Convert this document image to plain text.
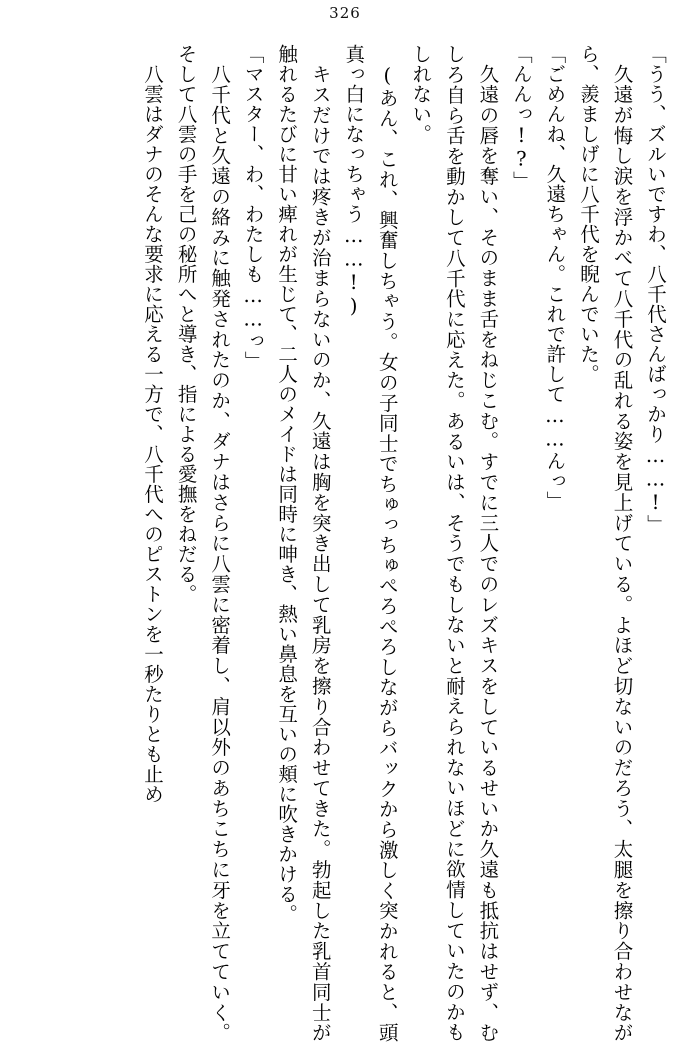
326

「うう、ズルいですわ、八千代さんばっかり……!」

久遠が悔し涙を浮かべて八千代の乱れる姿を見上げている。よほど切ないのだろう、太腿を擦り合わせながら、羨ましげに八千代を睨んでいた。

「ごめんね、久遠ちゃん。これで許して……んっ」

「んんっ!?」

久遠の唇を奪い、そのまま舌をねじこむ。すでに三人でのレズキスをしているせいか久遠も抵抗はせず、むしろ自ら舌を動かして八千代に応えた。あるいは、そうでもしないと耐えられないほどに欲情していたのかもしれない。

(あん、これ、興奮しちゃう。女の子同士でちゅっちゅぺろぺろしながらバックから激しく突かれると、頭真っ白になっちゃう……!)

キスだけでは疼きが治まらないのか、久遠は胸を突き出して乳房を擦り合わせてきた。勃起した乳首同士が触れるたびに甘い痺れが生じて、二人のメイドは同時に呻き、熱い鼻息を互いの頬に吹きかける。

「マスター、わ、わたしも……っ」

八千代と久遠の絡みに触発されたのか、ダナはさらに八雲に密着し、肩以外のあちこちに牙を立てていく。そして八雲の手を己の秘所へと導き、指による愛撫をねだる。

八雲はダナのそんな要求に応える一方で、八千代へのピストンを一秒たりとも止め
